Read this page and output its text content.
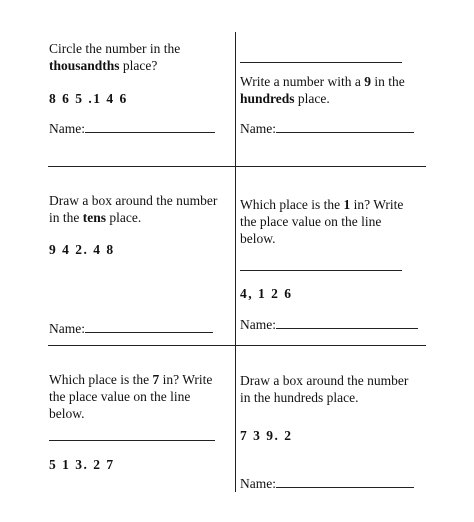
Circle the number in the
thousandths place?
8 6 5 .1 4 6
Name:
Write a number with a 9 in the
hundreds place.
Name:
Draw a box around the number
in the tens place.
9 4 2. 4 8
Name:
Which place is the 1 in? Write
the place value on the line
below.
4, 1 2 6
Name:
Which place is the 7 in? Write
the place value on the line
below.
5 1 3. 2 7
Draw a box around the number
in the hundreds place.
7 3 9. 2
Name:
